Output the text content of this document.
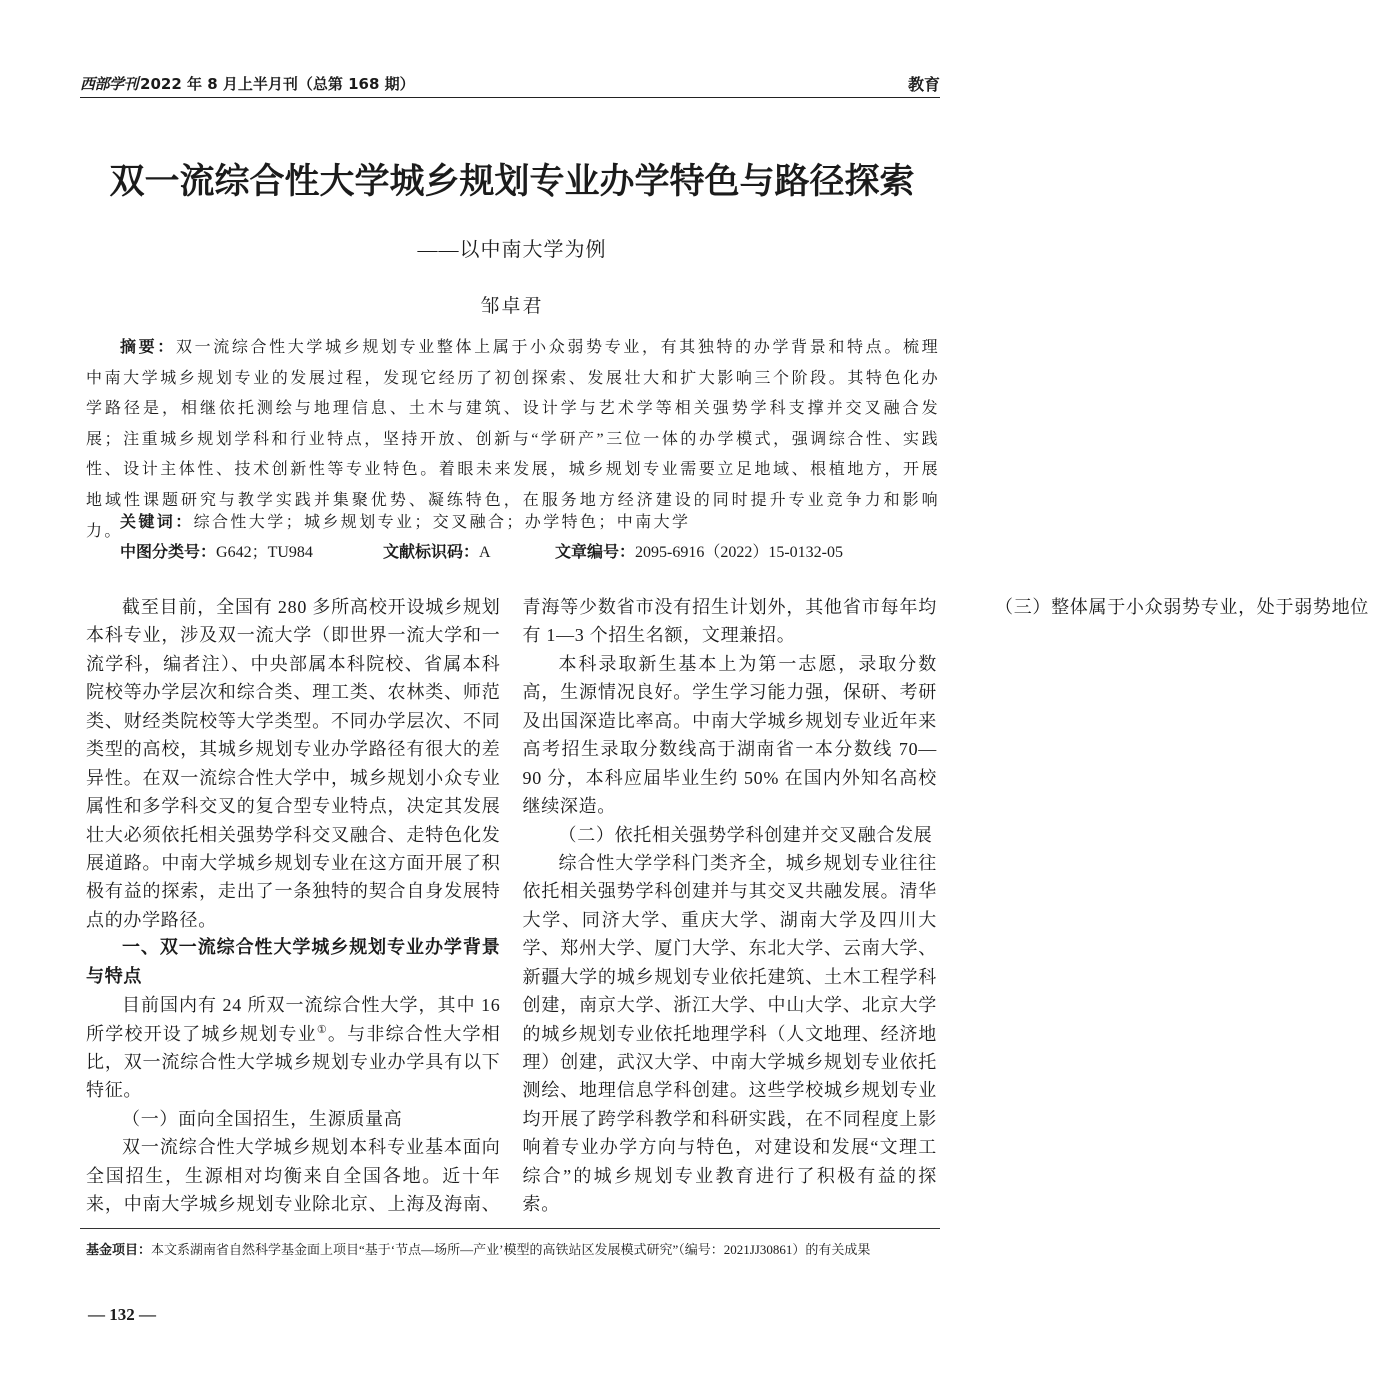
西部学刊 2022 年 8 月上半月刊（总第 168 期）	教育
双一流综合性大学城乡规划专业办学特色与路径探索

——以中南大学为例

邹卓君

摘要：双一流综合性大学城乡规划专业整体上属于小众弱势专业，有其独特的办学背景和特点。梳理中南大学城乡规划专业的发展过程，发现它经历了初创探索、发展壮大和扩大影响三个阶段。其特色化办学路径是，相继依托测绘与地理信息、土木与建筑、设计学与艺术学等相关强势学科支撑并交叉融合发展；注重城乡规划学科和行业特点，坚持开放、创新与“学研产”三位一体的办学模式，强调综合性、实践性、设计主体性、技术创新性等专业特色。着眼未来发展，城乡规划专业需要立足地域、根植地方，开展地域性课题研究与教学实践并集聚优势、凝练特色，在服务地方经济建设的同时提升专业竞争力和影响力。

关键词：综合性大学；城乡规划专业；交叉融合；办学特色；中南大学

中图分类号：G642；TU984	文献标识码：A	文章编号：2095-6916（2022）15-0132-05

截至目前，全国有 280 多所高校开设城乡规划本科专业，涉及双一流大学（即世界一流大学和一流学科，编者注）、中央部属本科院校、省属本科院校等办学层次和综合类、理工类、农林类、师范类、财经类院校等大学类型。不同办学层次、不同类型的高校，其城乡规划专业办学路径有很大的差异性。在双一流综合性大学中，城乡规划小众专业属性和多学科交叉的复合型专业特点，决定其发展壮大必须依托相关强势学科交叉融合、走特色化发展道路。中南大学城乡规划专业在这方面开展了积极有益的探索，走出了一条独特的契合自身发展特点的办学路径。

一、双一流综合性大学城乡规划专业办学背景与特点

目前国内有 24 所双一流综合性大学，其中 16 所学校开设了城乡规划专业①。与非综合性大学相比，双一流综合性大学城乡规划专业办学具有以下特征。

（一）面向全国招生，生源质量高

双一流综合性大学城乡规划本科专业基本面向全国招生，生源相对均衡来自全国各地。近十年来，中南大学城乡规划专业除北京、上海及海南、青海等少数省市没有招生计划外，其他省市每年均有 1—3 个招生名额，文理兼招。

本科录取新生基本上为第一志愿，录取分数高，生源情况良好。学生学习能力强，保研、考研及出国深造比率高。中南大学城乡规划专业近年来高考招生录取分数线高于湖南省一本分数线 70—90 分，本科应届毕业生约 50% 在国内外知名高校继续深造。

（二）依托相关强势学科创建并交叉融合发展

综合性大学学科门类齐全，城乡规划专业往往依托相关强势学科创建并与其交叉共融发展。清华大学、同济大学、重庆大学、湖南大学及四川大学、郑州大学、厦门大学、东北大学、云南大学、新疆大学的城乡规划专业依托建筑、土木工程学科创建，南京大学、浙江大学、中山大学、北京大学的城乡规划专业依托地理学科（人文地理、经济地理）创建，武汉大学、中南大学城乡规划专业依托测绘、地理信息学科创建。这些学校城乡规划专业均开展了跨学科教学和科研实践，在不同程度上影响着专业办学方向与特色，对建设和发展“文理工综合”的城乡规划专业教育进行了积极有益的探索。

（三）整体属于小众弱势专业，处于弱势地位

基金项目：本文系湖南省自然科学基金面上项目“基于‘节点—场所—产业’模型的高铁站区发展模式研究”（编号：2021JJ30861）的有关成果

— 132 —
